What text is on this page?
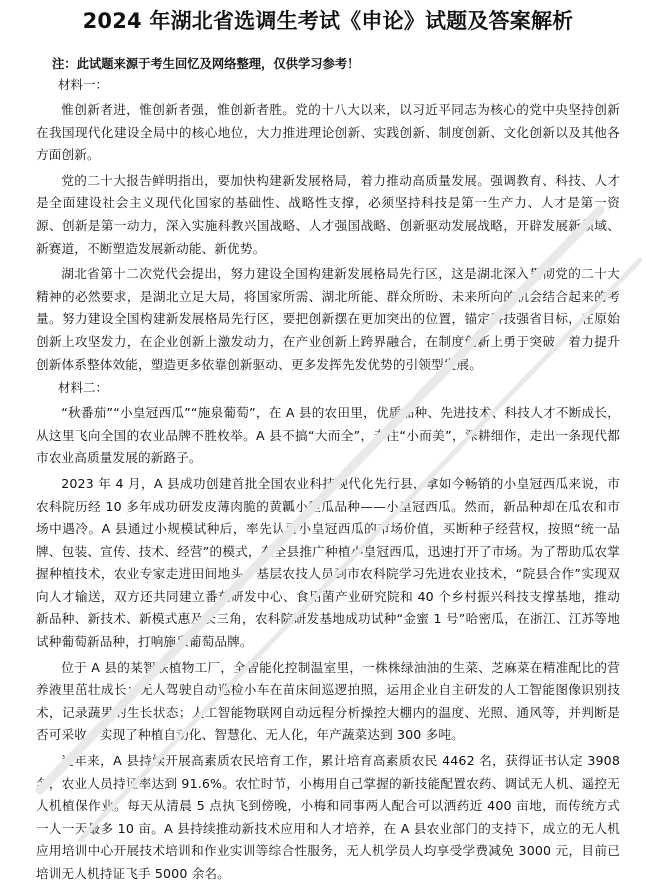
2024 年湖北省选调生考试《申论》试题及答案解析
注：此试题来源于考生回忆及网络整理，仅供学习参考！
材料一：

惟创新者进，惟创新者强，惟创新者胜。党的十八大以来，以习近平同志为核心的党中央坚持创新在我国现代化建设全局中的核心地位，大力推进理论创新、实践创新、制度创新、文化创新以及其他各方面创新。

党的二十大报告鲜明指出，要加快构建新发展格局，着力推动高质量发展。强调教育、科技、人才是全面建设社会主义现代化国家的基础性、战略性支撑，必须坚持科技是第一生产力、人才是第一资源、创新是第一动力，深入实施科教兴国战略、人才强国战略、创新驱动发展战略，开辟发展新领域、新赛道，不断塑造发展新动能、新优势。

湖北省第十二次党代会提出，努力建设全国构建新发展格局先行区，这是湖北深入贯彻党的二十大精神的必然要求，是湖北立足大局，将国家所需、湖北所能、群众所盼、未来所向的机会结合起来的考量。努力建设全国构建新发展格局先行区，要把创新摆在更加突出的位置，锚定科技强省目标，在原始创新上攻坚发力，在企业创新上激发动力，在产业创新上跨界融合，在制度创新上勇于突破，着力提升创新体系整体效能，塑造更多依靠创新驱动、更多发挥先发优势的引领型发展。

材料二：

“秋番茄”“小皇冠西瓜”“施泉葡萄”，在 A 县的农田里，优质品种、先进技术、科技人才不断成长，从这里飞向全国的农业品牌不胜枚举。A 县不搞“大而全”，专注“小而美”，深耕细作，走出一条现代都市农业高质量发展的新路子。

2023 年 4 月，A 县成功创建首批全国农业科技现代化先行县，拿如今畅销的小皇冠西瓜来说，市农科院历经 10 多年成功研发皮薄肉脆的黄瓤小型瓜品种——小皇冠西瓜。然而，新品种却在瓜农和市场中遇冷。A 县通过小规模试种后，率先认可小皇冠西瓜的市场价值，买断种子经营权，按照“统一品牌、包装、宣传、技术、经营”的模式，在全县推广种植小皇冠西瓜，迅速打开了市场。为了帮助瓜农掌握种植技术，农业专家走进田间地头，基层农技人员到市农科院学习先进农业技术，“院县合作”实现双向人才输送，双方还共同建立番茄研发中心、食用菌产业研究院和 40 个乡村振兴科技支撑基地，推动新品种、新技术、新模式惠及长三角，农科院研发基地成功试种“金蜜 1 号”哈密瓜，在浙江、江苏等地试种葡萄新品种，打响施泉葡萄品牌。

位于 A 县的某智联植物工厂，全智能化控制温室里，一株株绿油油的生菜、芝麻菜在精准配比的营养液里茁壮成长；无人驾驶自动巡检小车在苗床间巡逻拍照，运用企业自主研发的人工智能图像识别技术，记录蔬果的生长状态；人工智能物联网自动远程分析操控大棚内的温度、光照、通风等，并判断是否可采收，实现了种植自动化、智慧化、无人化，年产蔬菜达到 300 多吨。

近年来，A 县持续开展高素质农民培育工作，累计培育高素质农民 4462 名，获得证书认定 3908 名，农业人员持证率达到 91.6%。农忙时节，小梅用自己掌握的新技能配置农药、调试无人机、遥控无人机植保作业。每天从清晨 5 点执飞到傍晚，小梅和同事两人配合可以洒药近 400 亩地，而传统方式一人一天最多 10 亩。A 县持续推动新技术应用和人才培养，在 A 县农业部门的支持下，成立的无人机应用培训中心开展技术培训和作业实训等综合性服务，无人机学员人均享受学费减免 3000 元，目前已培训无人机持证飞手 5000 余名。
